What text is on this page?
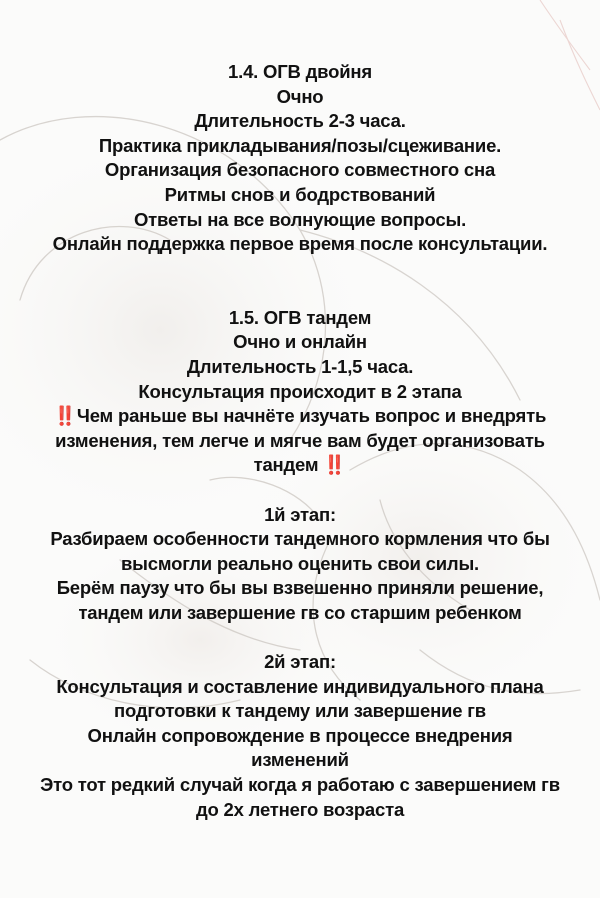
1.4. ОГВ двойня
Очно
Длительность 2-3 часа.
Практика прикладывания/позы/сцеживание.
Организация безопасного совместного сна
Ритмы снов и бодрствований
Ответы на все волнующие вопросы.
Онлайн поддержка первое время после консультации.
1.5. ОГВ тандем
Очно и онлайн
Длительность 1-1,5 часа.
Консультация происходит в 2 этапа
‼️ Чем раньше вы начнёте изучать вопрос и внедрять
изменения, тем легче и мягче вам будет организовать
тандем ‼️
1й этап:
Разбираем особенности тандемного кормления что бы
высмогли реально оценить свои силы.
Берём паузу что бы вы взвешенно приняли решение,
тандем или завершение гв со старшим ребенком
2й этап:
Консультация и составление индивидуального плана
подготовки к тандему или завершение гв
Онлайн сопровождение в процессе внедрения
изменений
Это тот редкий случай когда я работаю с завершением гв
до 2х летнего возраста
